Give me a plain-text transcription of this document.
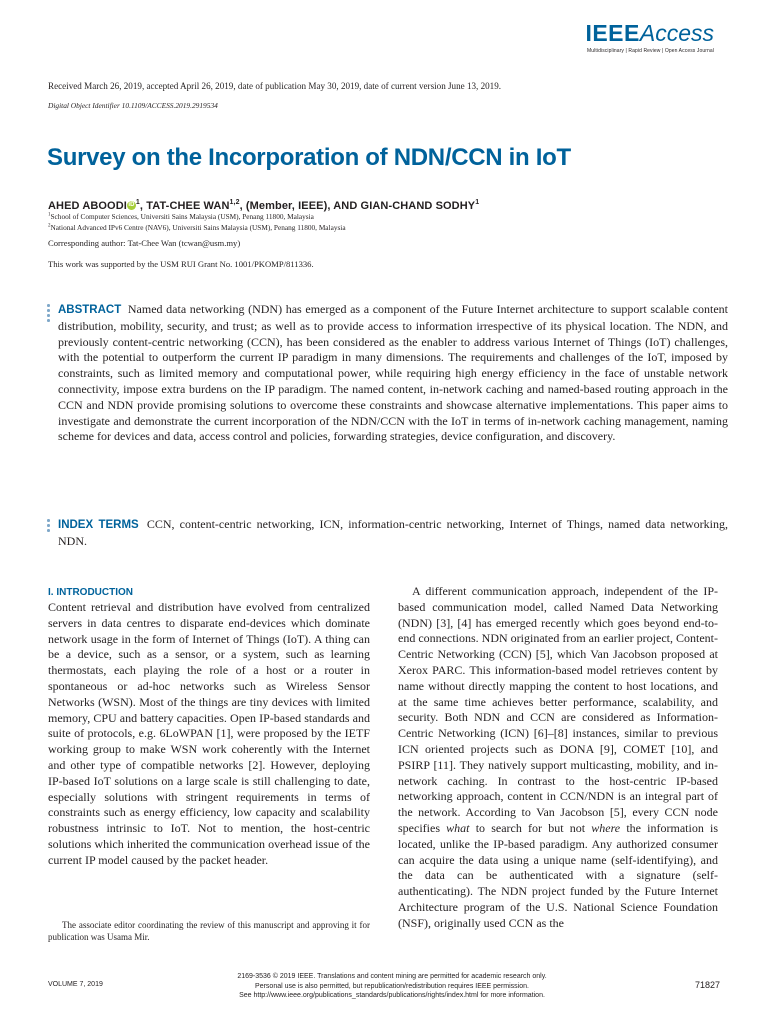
IEEEAccess
Multidisciplinary | Rapid Review | Open Access Journal
Received March 26, 2019, accepted April 26, 2019, date of publication May 30, 2019, date of current version June 13, 2019.
Digital Object Identifier 10.1109/ACCESS.2019.2919534
Survey on the Incorporation of NDN/CCN in IoT
AHED ABOODIiD$^1$, TAT-CHEE WAN$^{1,2}$, (Member, IEEE), AND GIAN-CHAND SODHY$^1$
$^1$School of Computer Sciences, Universiti Sains Malaysia (USM), Penang 11800, Malaysia
$^2$National Advanced IPv6 Centre (NAV6), Universiti Sains Malaysia (USM), Penang 11800, Malaysia
Corresponding author: Tat-Chee Wan (tcwan@usm.my)
This work was supported by the USM RUI Grant No. 1001/PKOMP/811336.
ABSTRACT Named data networking (NDN) has emerged as a component of the Future Internet architecture to support scalable content distribution, mobility, security, and trust; as well as to provide access to information irrespective of its physical location. The NDN, and previously content-centric networking (CCN), has been considered as the enabler to address various Internet of Things (IoT) challenges, with the potential to outperform the current IP paradigm in many dimensions. The requirements and challenges of the IoT, imposed by constraints, such as limited memory and computational power, while requiring high energy efficiency in the face of unstable network connectivity, impose extra burdens on the IP paradigm. The named content, in-network caching and named-based routing approach in the CCN and NDN provide promising solutions to overcome these constraints and showcase alternative implementations. This paper aims to investigate and demonstrate the current incorporation of the NDN/CCN with the IoT in terms of in-network caching management, naming scheme for devices and data, access control and policies, forwarding strategies, device configuration, and discovery.
INDEX TERMS CCN, content-centric networking, ICN, information-centric networking, Internet of Things, named data networking, NDN.
I. INTRODUCTION
Content retrieval and distribution have evolved from centralized servers in data centres to disparate end-devices which dominate network usage in the form of Internet of Things (IoT). A thing can be a device, such as a sensor, or a system, such as learning thermostats, each playing the role of a host or a router in spontaneous or ad-hoc networks such as Wireless Sensor Networks (WSN). Most of the things are tiny devices with limited memory, CPU and battery capacities. Open IP-based standards and suite of protocols, e.g. 6LoWPAN [1], were proposed by the IETF working group to make WSN work coherently with the Internet and other type of compatible networks [2]. However, deploying IP-based IoT solutions on a large scale is still challenging to date, especially solutions with stringent requirements in terms of constraints such as energy efficiency, low capacity and scalability robustness intrinsic to IoT. Not to mention, the host-centric solutions which inherited the communication overhead issue of the current IP model caused by the packet header.
A different communication approach, independent of the IP-based communication model, called Named Data Networking (NDN) [3], [4] has emerged recently which goes beyond end-to-end connections. NDN originated from an earlier project, Content-Centric Networking (CCN) [5], which Van Jacobson proposed at Xerox PARC. This information-based model retrieves content by name without directly mapping the content to host locations, and at the same time achieves better performance, scalability, and security. Both NDN and CCN are considered as Information-Centric Networking (ICN) [6]–[8] instances, similar to previous ICN oriented projects such as DONA [9], COMET [10], and PSIRP [11]. They natively support multicasting, mobility, and in-network caching. In contrast to the host-centric IP-based networking approach, content in CCN/NDN is an integral part of the network. According to Van Jacobson [5], every CCN node specifies what to search for but not where the information is located, unlike the IP-based paradigm. Any authorized consumer can acquire the data using a unique name (self-identifying), and the data can be authenticated with a signature (self-authenticating). The NDN project funded by the Future Internet Architecture program of the U.S. National Science Foundation (NSF), originally used CCN as the
The associate editor coordinating the review of this manuscript and approving it for publication was Usama Mir.
VOLUME 7, 2019
2169-3536 © 2019 IEEE. Translations and content mining are permitted for academic research only.
Personal use is also permitted, but republication/redistribution requires IEEE permission.
See http://www.ieee.org/publications_standards/publications/rights/index.html for more information.
71827
